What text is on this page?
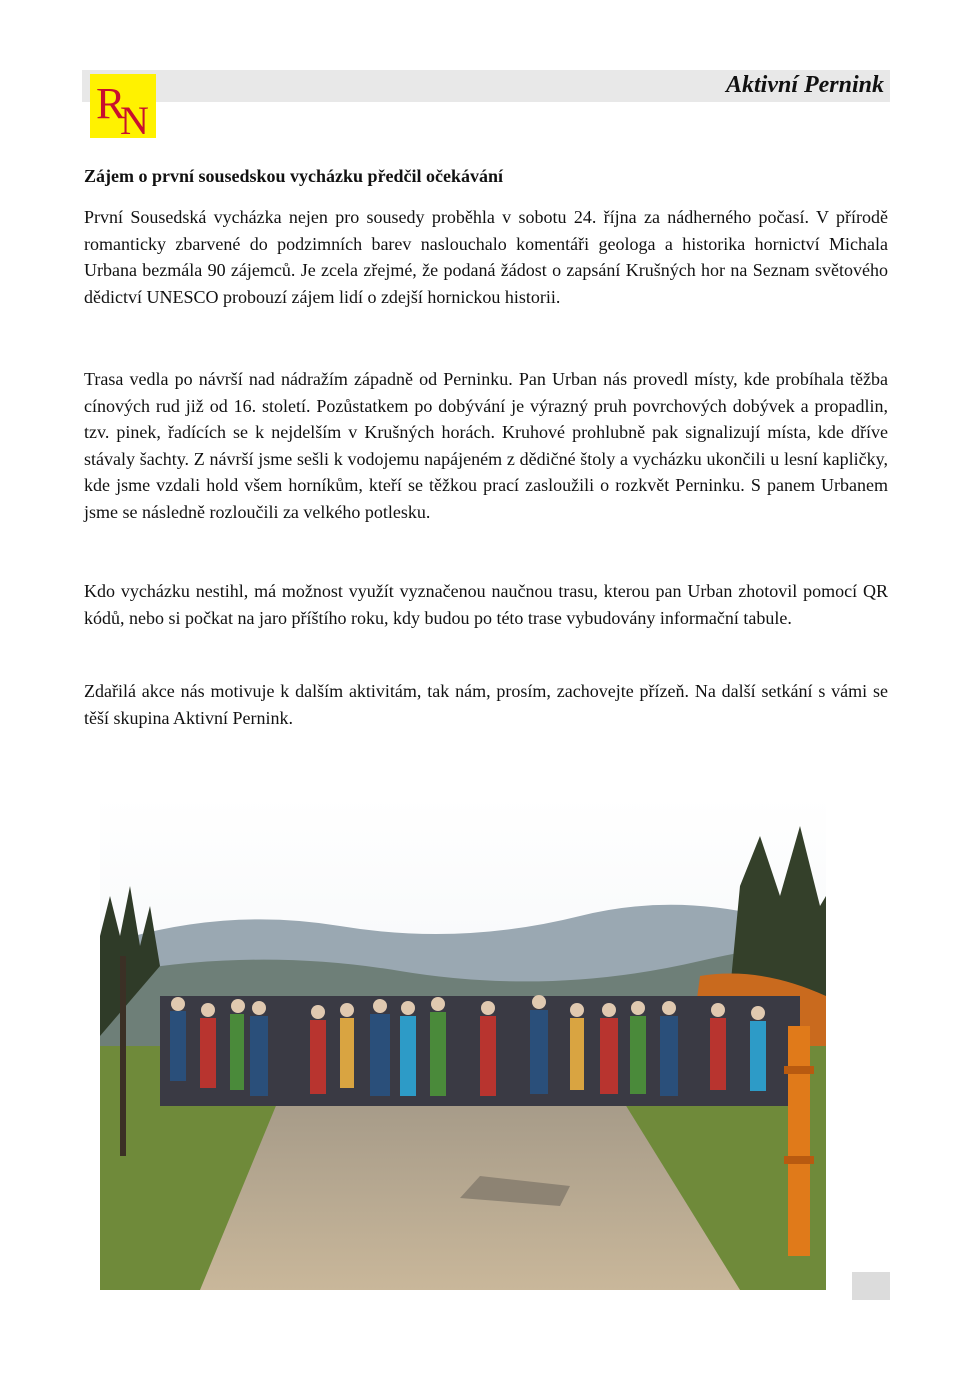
Aktivní Pernink
R
N
Zájem o první sousedskou vycházku předčil očekávání

První Sousedská vycházka nejen pro sousedy proběhla v sobotu 24. října za nádherného počasí. V přírodě romanticky zbarvené do podzimních barev naslouchalo komentáři geologa a historika hornictví Michala Urbana bezmála 90 zájemců. Je zcela zřejmé, že podaná žádost o zapsání Krušných hor na Seznam světového dědictví UNESCO probouzí zájem lidí o zdejší hornickou historii.

Trasa vedla po návrší nad nádražím západně od Perninku. Pan Urban nás provedl místy, kde probíhala těžba cínových rud již od 16. století. Pozůstatkem po dobývání je výrazný pruh povrchových dobývek a propadlin, tzv. pinek, řadících se k nejdelším v Krušných horách. Kruhové prohlubně pak signalizují místa, kde dříve stávaly šachty. Z návrší jsme sešli k vodojemu napájeném z dědičné štoly a vycházku ukončili u lesní kapličky, kde jsme vzdali hold všem horníkům, kteří se těžkou prací zasloužili o rozkvět Perninku. S panem Urbanem jsme se následně rozloučili za velkého potlesku.

Kdo vycházku nestihl, má možnost využít vyznačenou naučnou trasu, kterou pan Urban zhotovil pomocí QR kódů, nebo si počkat na jaro příštího roku, kdy budou po této trase vybudovány informační tabule.

Zdařilá akce nás motivuje k dalším aktivitám, tak nám, prosím, zachovejte přízeň. Na další setkání s vámi se těší skupina Aktivní Pernink.
